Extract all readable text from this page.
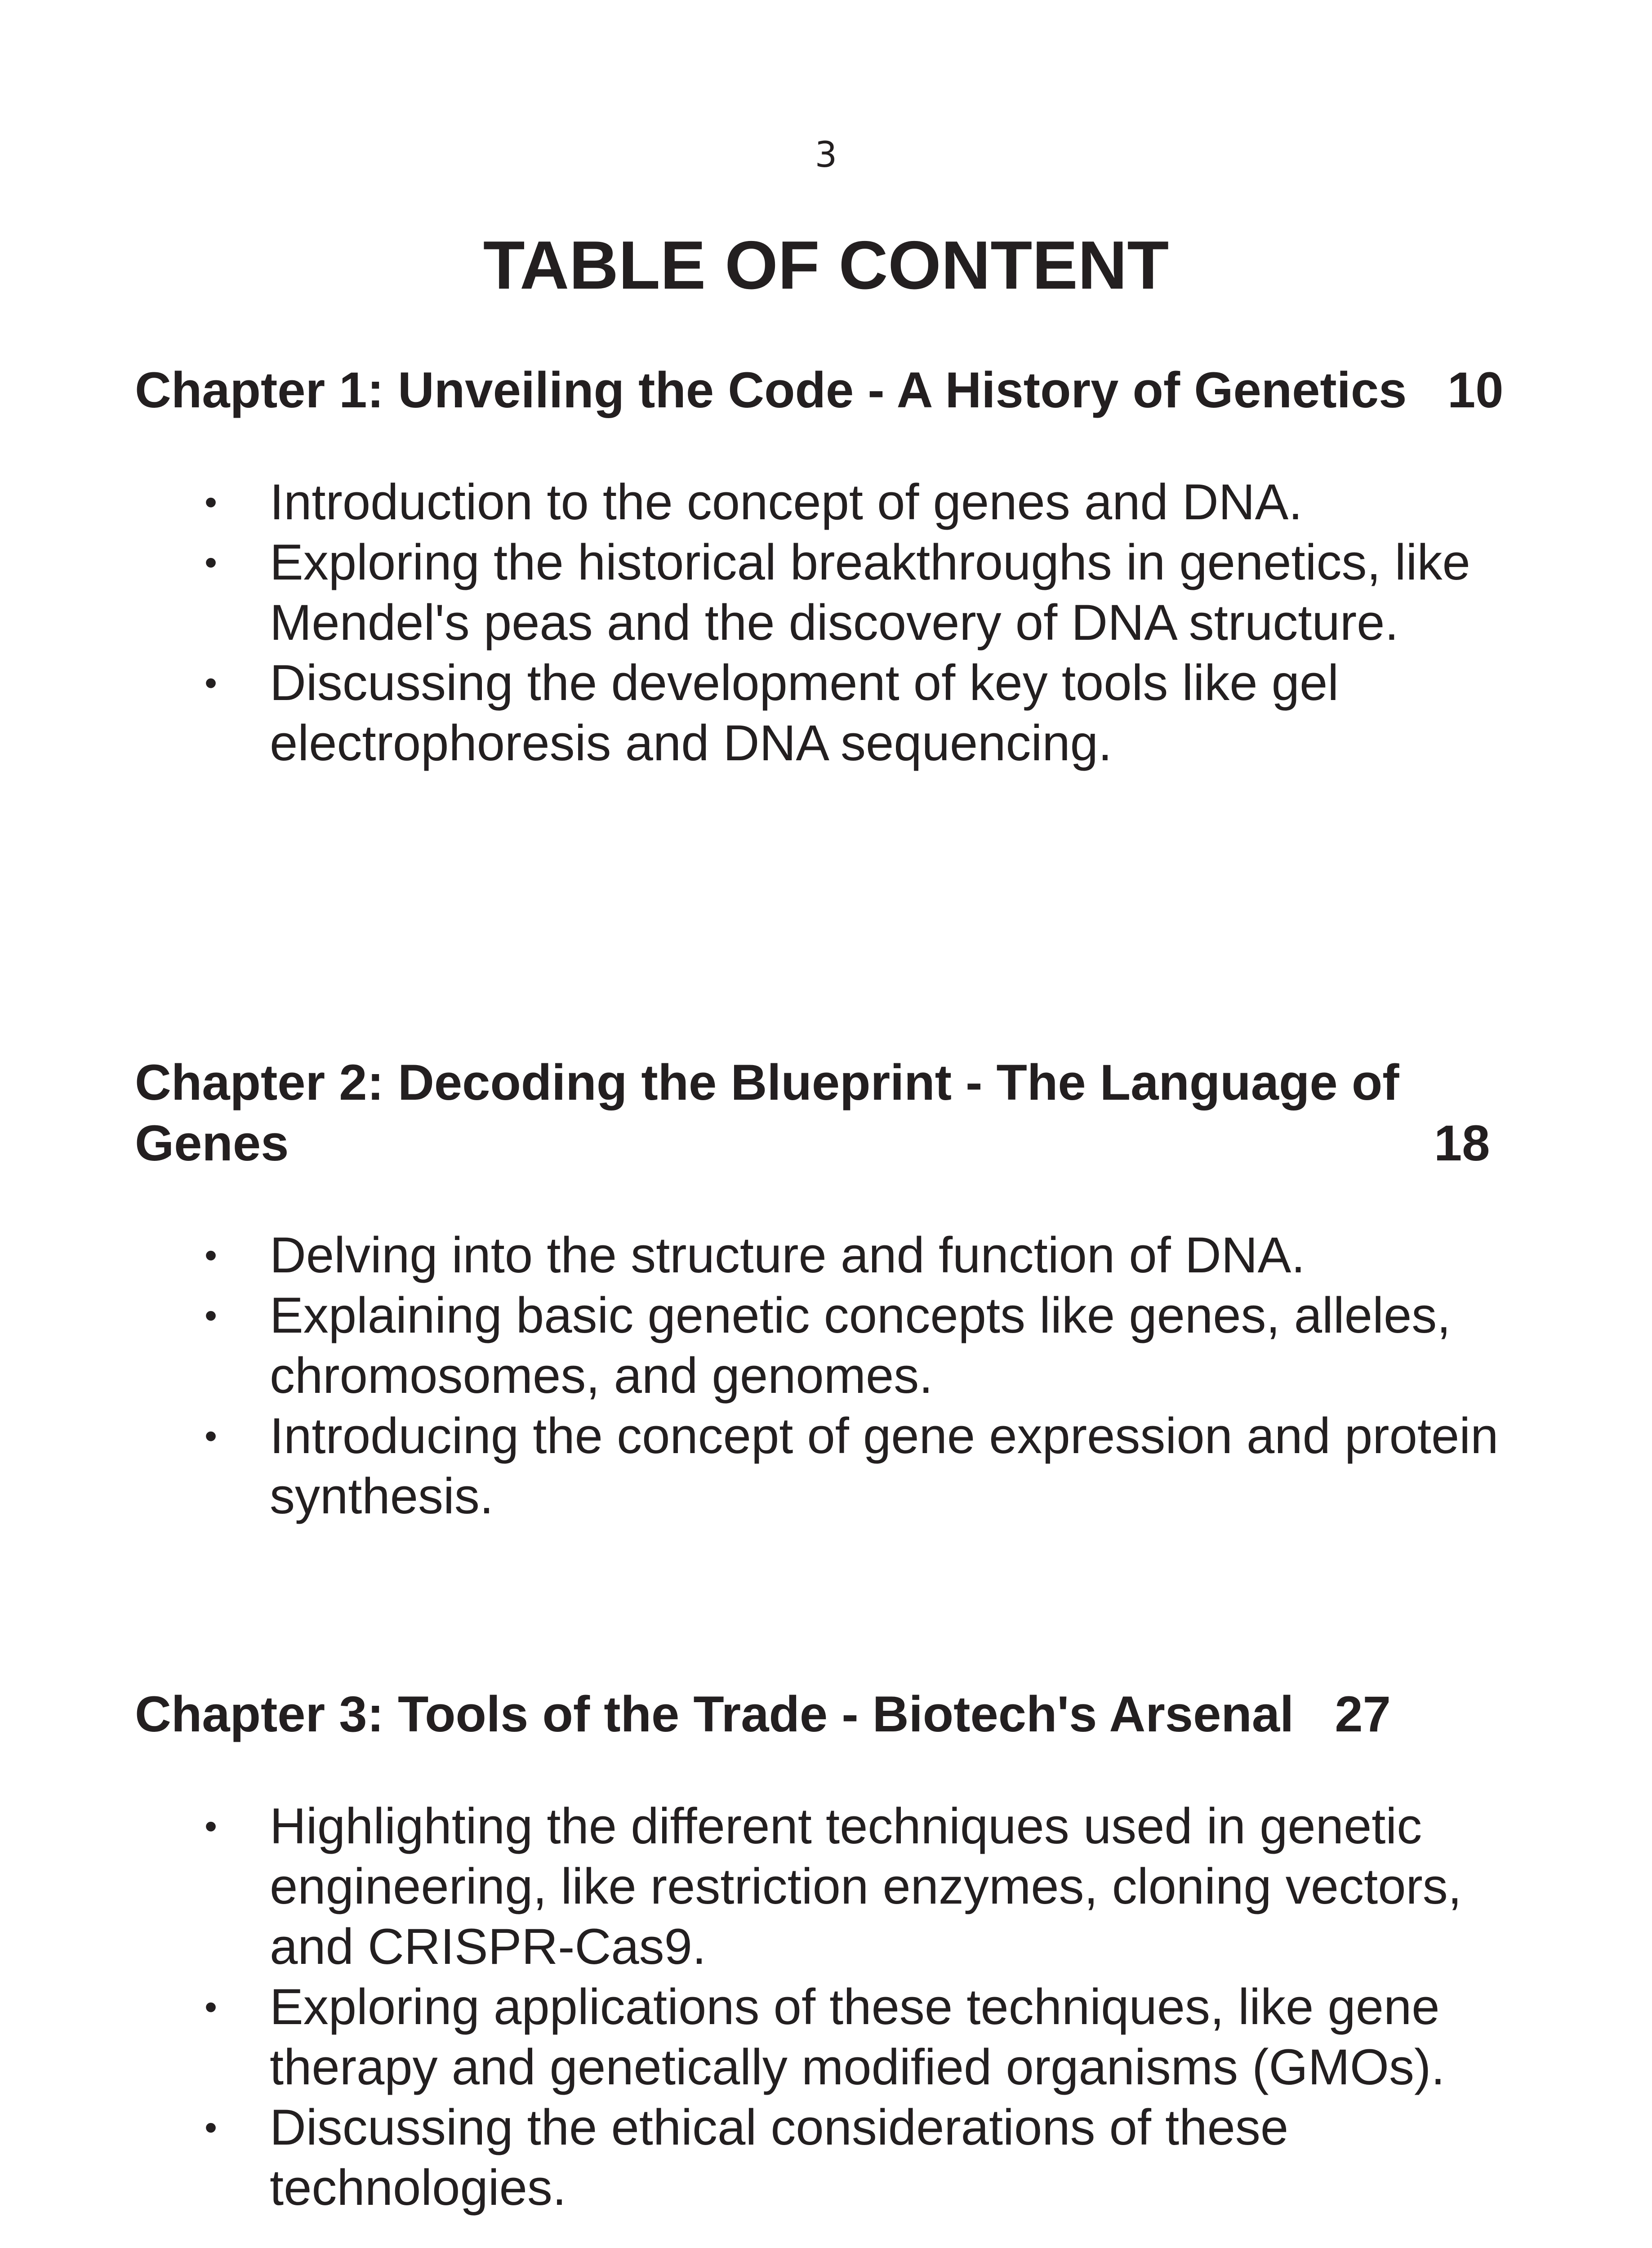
3
TABLE OF CONTENT
Chapter 1: Unveiling the Code - A History of Genetics 10
• Introduction to the concept of genes and DNA.
• Exploring the historical breakthroughs in genetics, like Mendel's peas and the discovery of DNA structure.
• Discussing the development of key tools like gel electrophoresis and DNA sequencing.
Chapter 2: Decoding the Blueprint - The Language of Genes	18
• Delving into the structure and function of DNA.
• Explaining basic genetic concepts like genes, alleles, chromosomes, and genomes.
• Introducing the concept of gene expression and protein synthesis.
Chapter 3: Tools of the Trade - Biotech's Arsenal 27
• Highlighting the different techniques used in genetic engineering, like restriction enzymes, cloning vectors, and CRISPR-Cas9.
• Exploring applications of these techniques, like gene therapy and genetically modified organisms (GMOs).
• Discussing the ethical considerations of these technologies.
